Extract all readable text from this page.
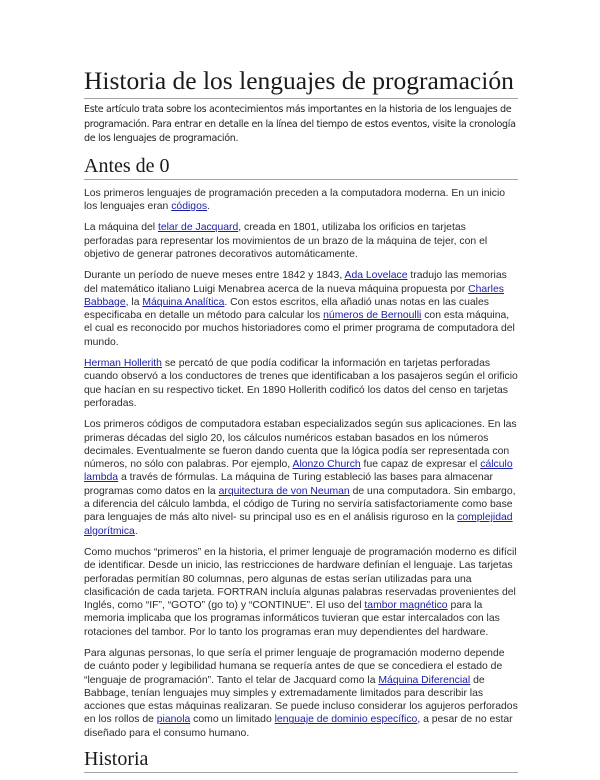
Historia de los lenguajes de programación

Este artículo trata sobre los acontecimientos más importantes en la historia de los lenguajes de programación. Para entrar en detalle en la línea del tiempo de estos eventos, visite la cronología de los lenguajes de programación.

Antes de 0

Los primeros lenguajes de programación preceden a la computadora moderna. En un inicio los lenguajes eran códigos.

La máquina del telar de Jacquard, creada en 1801, utilizaba los orificios en tarjetas perforadas para representar los movimientos de un brazo de la máquina de tejer, con el objetivo de generar patrones decorativos automáticamente.

Durante un período de nueve meses entre 1842 y 1843, Ada Lovelace tradujo las memorias del matemático italiano Luigi Menabrea acerca de la nueva máquina propuesta por Charles Babbage, la Máquina Analítica. Con estos escritos, ella añadió unas notas en las cuales especificaba en detalle un método para calcular los números de Bernoulli con esta máquina, el cual es reconocido por muchos historiadores como el primer programa de computadora del mundo.

Herman Hollerith se percató de que podía codificar la información en tarjetas perforadas cuando observó a los conductores de trenes que identificaban a los pasajeros según el orificio que hacían en su respectivo ticket. En 1890 Hollerith codificó los datos del censo en tarjetas perforadas.

Los primeros códigos de computadora estaban especializados según sus aplicaciones. En las primeras décadas del siglo 20, los cálculos numéricos estaban basados en los números decimales. Eventualmente se fueron dando cuenta que la lógica podía ser representada con números, no sólo con palabras. Por ejemplo, Alonzo Church fue capaz de expresar el cálculo lambda a través de fórmulas. La máquina de Turing estableció las bases para almacenar programas como datos en la arquitectura de von Neuman de una computadora. Sin embargo, a diferencia del cálculo lambda, el código de Turing no serviría satisfactoriamente como base para lenguajes de más alto nivel- su principal uso es en el análisis riguroso en la complejidad algorítmica.

Como muchos “primeros” en la historia, el primer lenguaje de programación moderno es difícil de identificar. Desde un inicio, las restricciones de hardware definían el lenguaje. Las tarjetas perforadas permitían 80 columnas, pero algunas de estas serían utilizadas para una clasificación de cada tarjeta. FORTRAN incluía algunas palabras reservadas provenientes del Inglés, como “IF”, “GOTO” (go to) y “CONTINUE”. El uso del tambor magnético para la memoria implicaba que los programas informáticos tuvieran que estar intercalados con las rotaciones del tambor. Por lo tanto los programas eran muy dependientes del hardware.

Para algunas personas, lo que sería el primer lenguaje de programación moderno depende de cuánto poder y legibilidad humana se requería antes de que se concediera el estado de “lenguaje de programación”. Tanto el telar de Jacquard como la Máquina Diferencial de Babbage, tenían lenguajes muy simples y extremadamente limitados para describir las acciones que estas máquinas realizaran. Se puede incluso considerar los agujeros perforados en los rollos de pianola como un limitado lenguaje de dominio específico, a pesar de no estar diseñado para el consumo humano.

Historia
